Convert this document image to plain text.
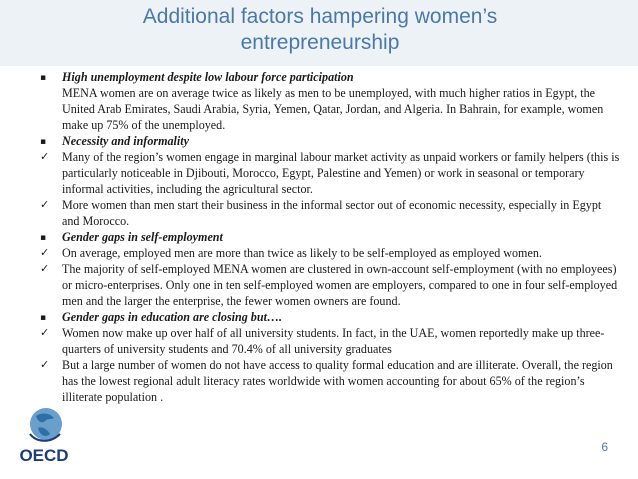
Additional factors hampering women’s
entrepreneurship
▪	High unemployment despite low labour force participation
MENA women are on average twice as likely as men to be unemployed, with much higher ratios in Egypt, the United Arab Emirates, Saudi Arabia, Syria, Yemen, Qatar, Jordan, and Algeria. In Bahrain, for example, women make up 75% of the unemployed.
▪	Necessity and informality
✓	Many of the region’s women engage in marginal labour market activity as unpaid workers or family helpers (this is particularly noticeable in Djibouti, Morocco, Egypt, Palestine and Yemen) or work in seasonal or temporary informal activities, including the agricultural sector.
✓	More women than men start their business in the informal sector out of economic necessity, especially in Egypt and Morocco.
▪	Gender gaps in self-employment
✓	On average, employed men are more than twice as likely to be self-employed as employed women.
✓	The majority of self-employed MENA women are clustered in own-account self-employment (with no employees) or micro-enterprises. Only one in ten self-employed women are employers, compared to one in four self-employed men and the larger the enterprise, the fewer women owners are found.
▪	Gender gaps in education are closing but….
✓	Women now make up over half of all university students. In fact, in the UAE, women reportedly make up three-quarters of university students and 70.4% of all university graduates
✓	But a large number of women do not have access to quality formal education and are illiterate. Overall, the region has the lowest regional adult literacy rates worldwide with women accounting for about 65% of the region’s illiterate population .
OECD	6
